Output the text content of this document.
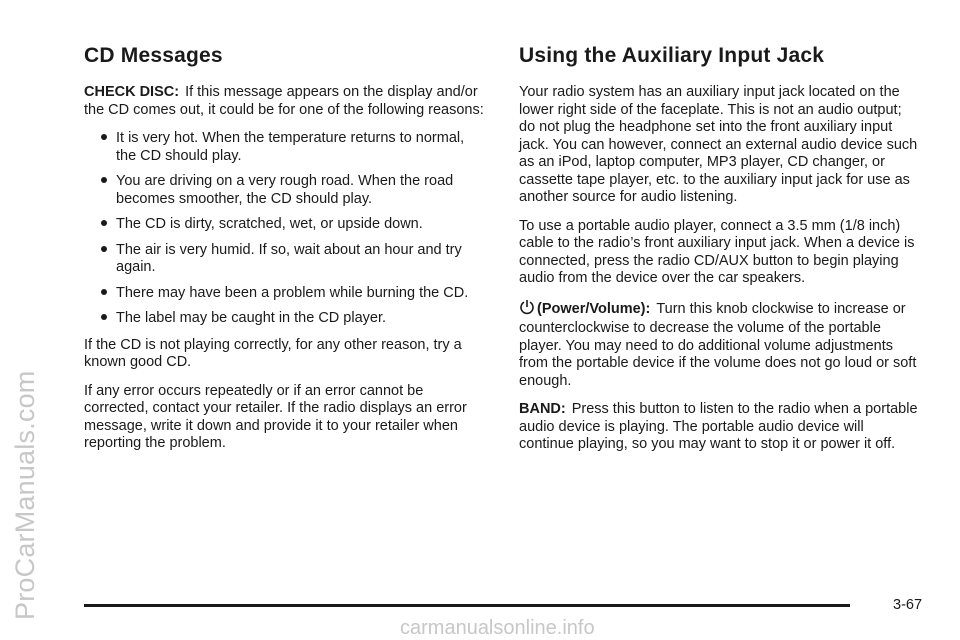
ProCarManuals.com
CD Messages

CHECK DISC: If this message appears on the display and/or the CD comes out, it could be for one of the following reasons:

It is very hot. When the temperature returns to normal, the CD should play.
You are driving on a very rough road. When the road becomes smoother, the CD should play.
The CD is dirty, scratched, wet, or upside down.
The air is very humid. If so, wait about an hour and try again.
There may have been a problem while burning the CD.
The label may be caught in the CD player.

If the CD is not playing correctly, for any other reason, try a known good CD.

If any error occurs repeatedly or if an error cannot be corrected, contact your retailer. If the radio displays an error message, write it down and provide it to your retailer when reporting the problem.

Using the Auxiliary Input Jack

Your radio system has an auxiliary input jack located on the lower right side of the faceplate. This is not an audio output; do not plug the headphone set into the front auxiliary input jack. You can however, connect an external audio device such as an iPod, laptop computer, MP3 player, CD changer, or cassette tape player, etc. to the auxiliary input jack for use as another source for audio listening.

To use a portable audio player, connect a 3.5 mm (1/8 inch) cable to the radio’s front auxiliary input jack. When a device is connected, press the radio CD/AUX button to begin playing audio from the device over the car speakers.

(Power/Volume): Turn this knob clockwise to increase or counterclockwise to decrease the volume of the portable player. You may need to do additional volume adjustments from the portable device if the volume does not go loud or soft enough.

BAND: Press this button to listen to the radio when a portable audio device is playing. The portable audio device will continue playing, so you may want to stop it or power it off.

3-67
carmanualsonline.info
